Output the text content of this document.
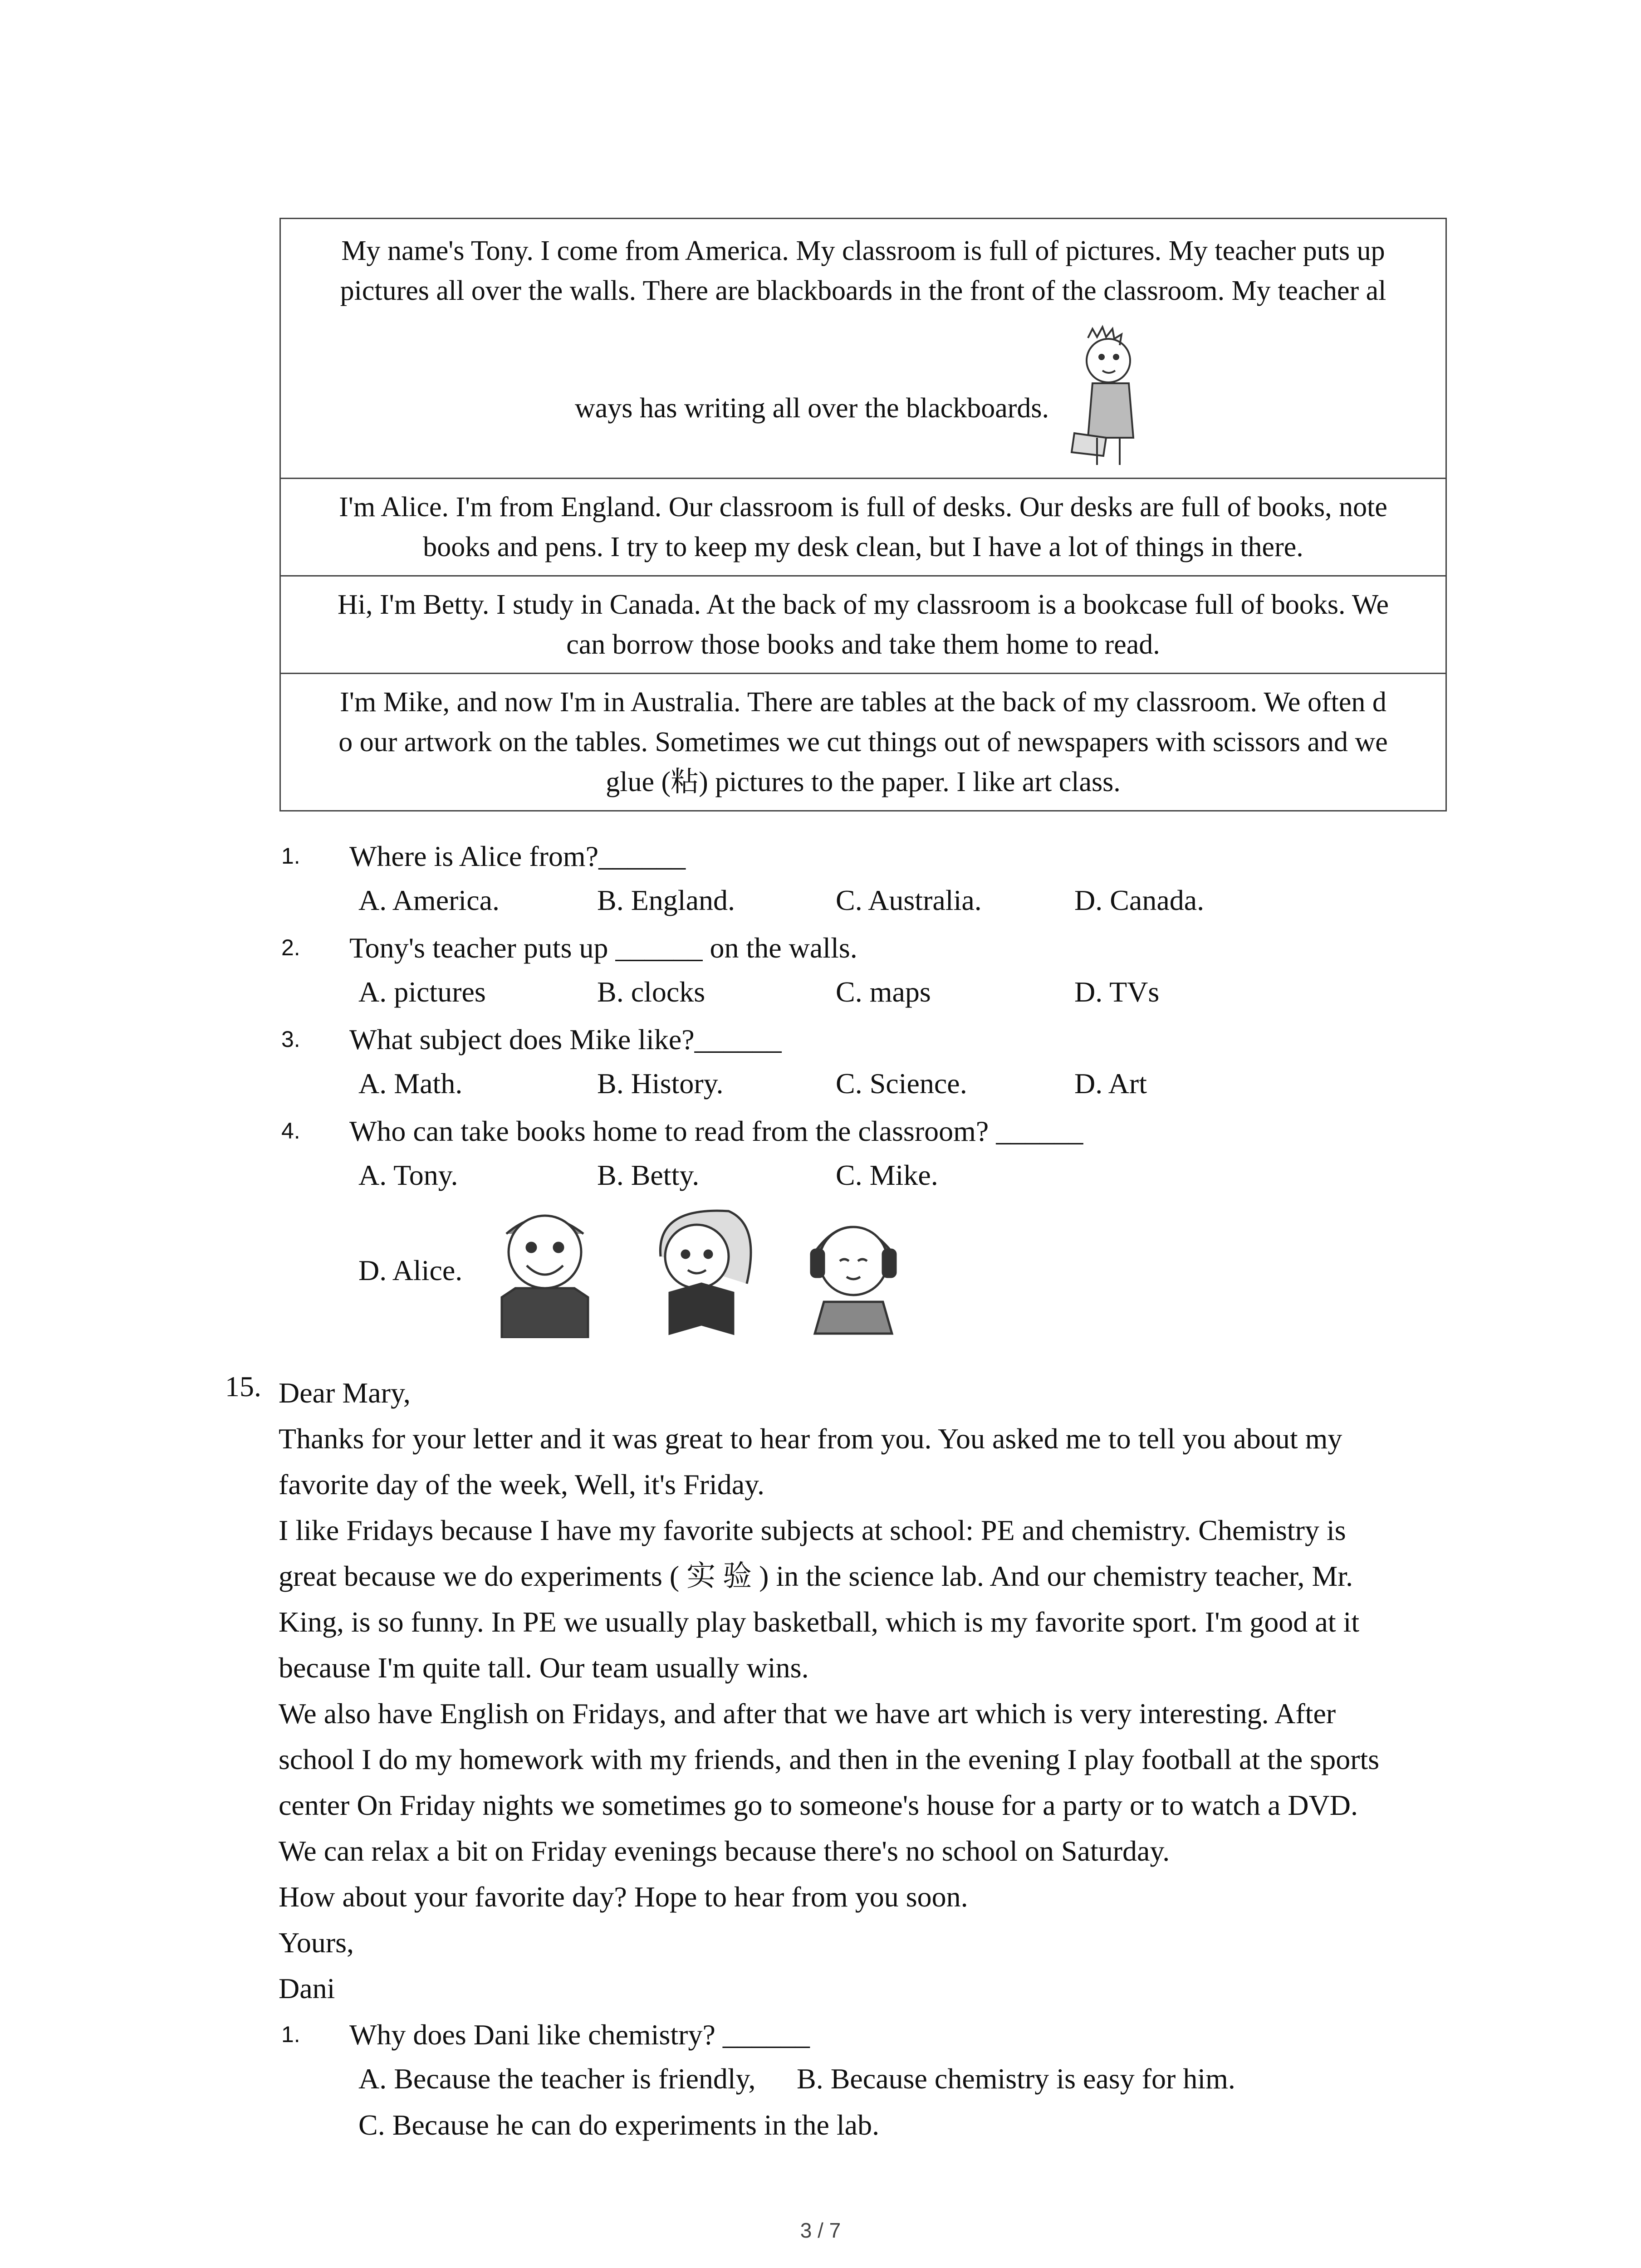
My name's Tony. I come from America. My classroom is full of pictures. My teacher puts up
pictures all over the walls. There are blackboards in the front of the classroom. My teacher al
ways has writing all over the blackboards.

I'm Alice. I'm from England. Our classroom is full of desks. Our desks are full of books, note
books and pens. I try to keep my desk clean, but I have a lot of things in there.

Hi, I'm Betty. I study in Canada. At the back of my classroom is a bookcase full of books. We
can borrow those books and take them home to read.

I'm Mike, and now I'm in Australia. There are tables at the back of my classroom. We often d
o our artwork on the tables. Sometimes we cut things out of newspapers with scissors and we
glue (粘) pictures to the paper. I like art class.
1. Where is Alice from?______
A. America.	B. England.	C. Australia.	D. Canada.
2. Tony's teacher puts up ______ on the walls.
A. pictures	B. clocks	C. maps	D. TVs
3. What subject does Mike like?______
A. Math.	B. History.	C. Science.	D. Art
4. Who can take books home to read from the classroom? ______
A. Tony.	B. Betty.	C. Mike.
D. Alice.
15. Dear Mary,

Thanks for your letter and it was great to hear from you. You asked me to tell you about my

favorite day of the week, Well, it's Friday.

I like Fridays because I have my favorite subjects at school: PE and chemistry. Chemistry is

great because we do experiments ( 实 验 ) in the science lab. And our chemistry teacher, Mr.

King, is so funny. In PE we usually play basketball, which is my favorite sport. I'm good at it

because I'm quite tall. Our team usually wins.

We also have English on Fridays, and after that we have art which is very interesting. After

school I do my homework with my friends, and then in the evening I play football at the sports

center On Friday nights we sometimes go to someone's house for a party or to watch a DVD.

We can relax a bit on Friday evenings because there's no school on Saturday.

How about your favorite day? Hope to hear from you soon.

Yours,

Dani

1. Why does Dani like chemistry? ______
A. Because the teacher is friendly, B. Because chemistry is easy for him.
C. Because he can do experiments in the lab.
3 / 7
